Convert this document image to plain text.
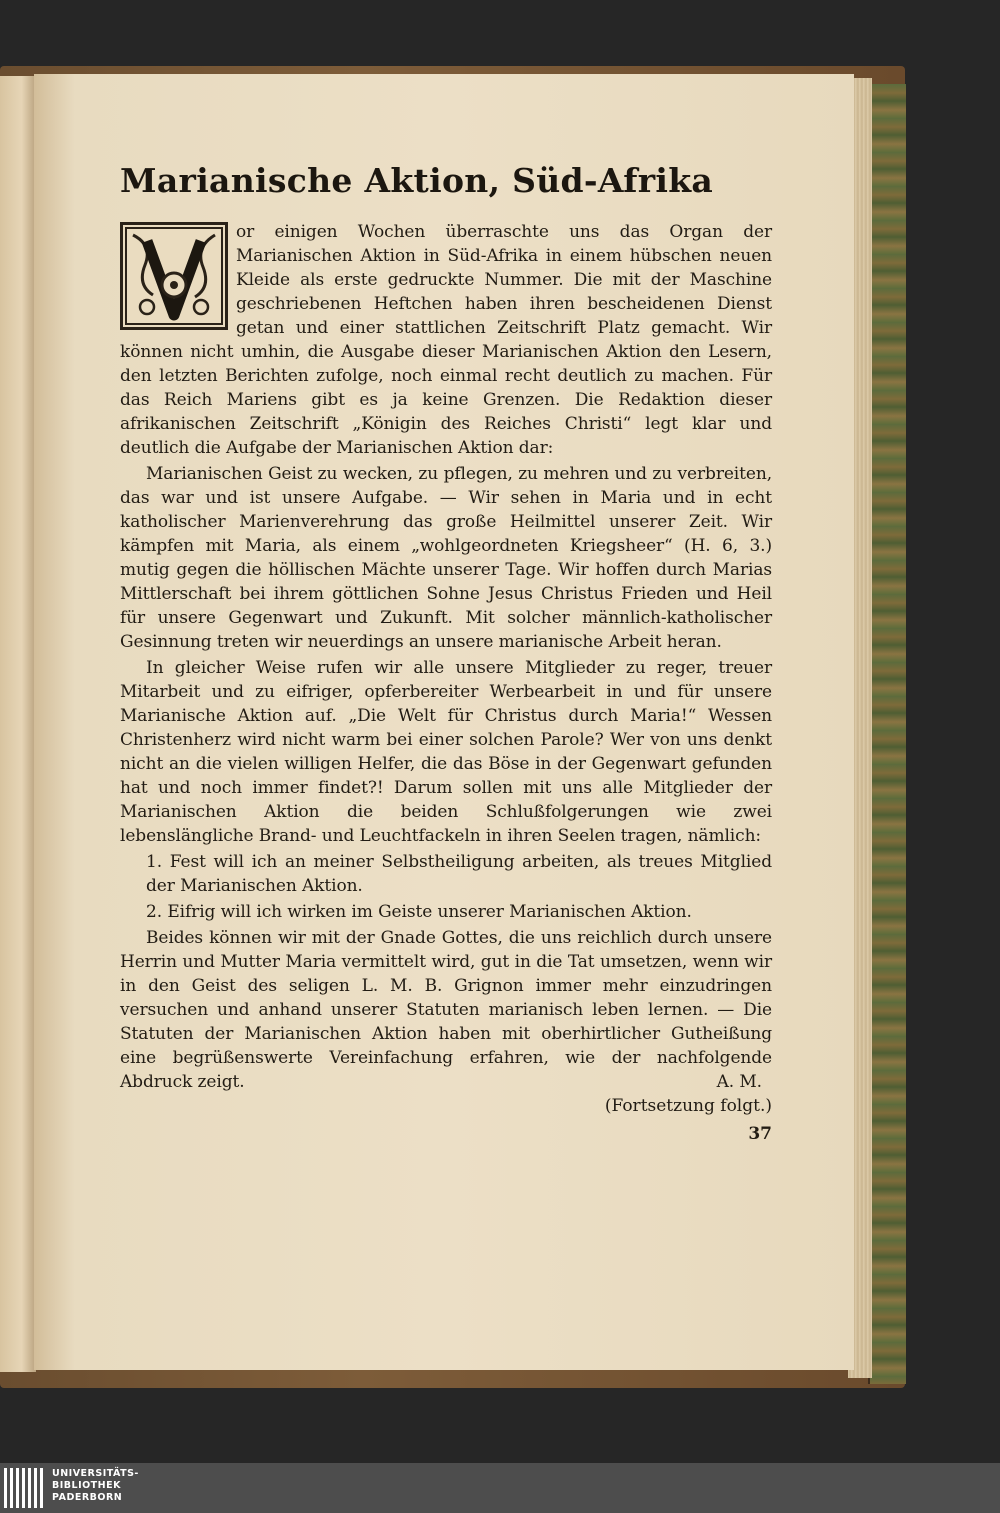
Marianische Aktion, Süd-Afrika

or einigen Wochen überraschte uns das Organ der Marianischen Aktion in Süd-Afrika in einem hübschen neuen Kleide als erste gedruckte Nummer. Die mit der Maschine geschriebenen Heftchen haben ihren bescheidenen Dienst getan und einer stattlichen Zeitschrift Platz gemacht. Wir können nicht umhin, die Ausgabe dieser Marianischen Aktion den Lesern, den letzten Berichten zufolge, noch einmal recht deutlich zu machen. Für das Reich Mariens gibt es ja keine Grenzen. Die Redaktion dieser afrikanischen Zeitschrift „Königin des Reiches Christi“ legt klar und deutlich die Aufgabe der Marianischen Aktion dar:

Marianischen Geist zu wecken, zu pflegen, zu mehren und zu verbreiten, das war und ist unsere Aufgabe. — Wir sehen in Maria und in echt katholischer Marienverehrung das große Heilmittel unserer Zeit. Wir kämpfen mit Maria, als einem „wohlgeordneten Kriegsheer“ (H. 6, 3.) mutig gegen die höllischen Mächte unserer Tage. Wir hoffen durch Marias Mittlerschaft bei ihrem göttlichen Sohne Jesus Christus Frieden und Heil für unsere Gegenwart und Zukunft. Mit solcher männlich-katholischer Gesinnung treten wir neuerdings an unsere marianische Arbeit heran.

In gleicher Weise rufen wir alle unsere Mitglieder zu reger, treuer Mitarbeit und zu eifriger, opferbereiter Werbearbeit in und für unsere Marianische Aktion auf. „Die Welt für Christus durch Maria!“ Wessen Christenherz wird nicht warm bei einer solchen Parole? Wer von uns denkt nicht an die vielen willigen Helfer, die das Böse in der Gegenwart gefunden hat und noch immer findet?! Darum sollen mit uns alle Mitglieder der Marianischen Aktion die beiden Schlußfolgerungen wie zwei lebenslängliche Brand- und Leuchtfackeln in ihren Seelen tragen, nämlich:

1. Fest will ich an meiner Selbstheiligung arbeiten, als treues Mitglied der Marianischen Aktion.

2. Eifrig will ich wirken im Geiste unserer Marianischen Aktion.

Beides können wir mit der Gnade Gottes, die uns reichlich durch unsere Herrin und Mutter Maria vermittelt wird, gut in die Tat umsetzen, wenn wir in den Geist des seligen L. M. B. Grignon immer mehr einzudringen versuchen und anhand unserer Statuten marianisch leben lernen. — Die Statuten der Marianischen Aktion haben mit oberhirtlicher Gutheißung eine begrüßenswerte Vereinfachung erfahren, wie der nachfolgende Abdruck zeigt.	A. M.

(Fortsetzung folgt.)

37

UNIVERSITÄTS-
BIBLIOTHEK
PADERBORN
